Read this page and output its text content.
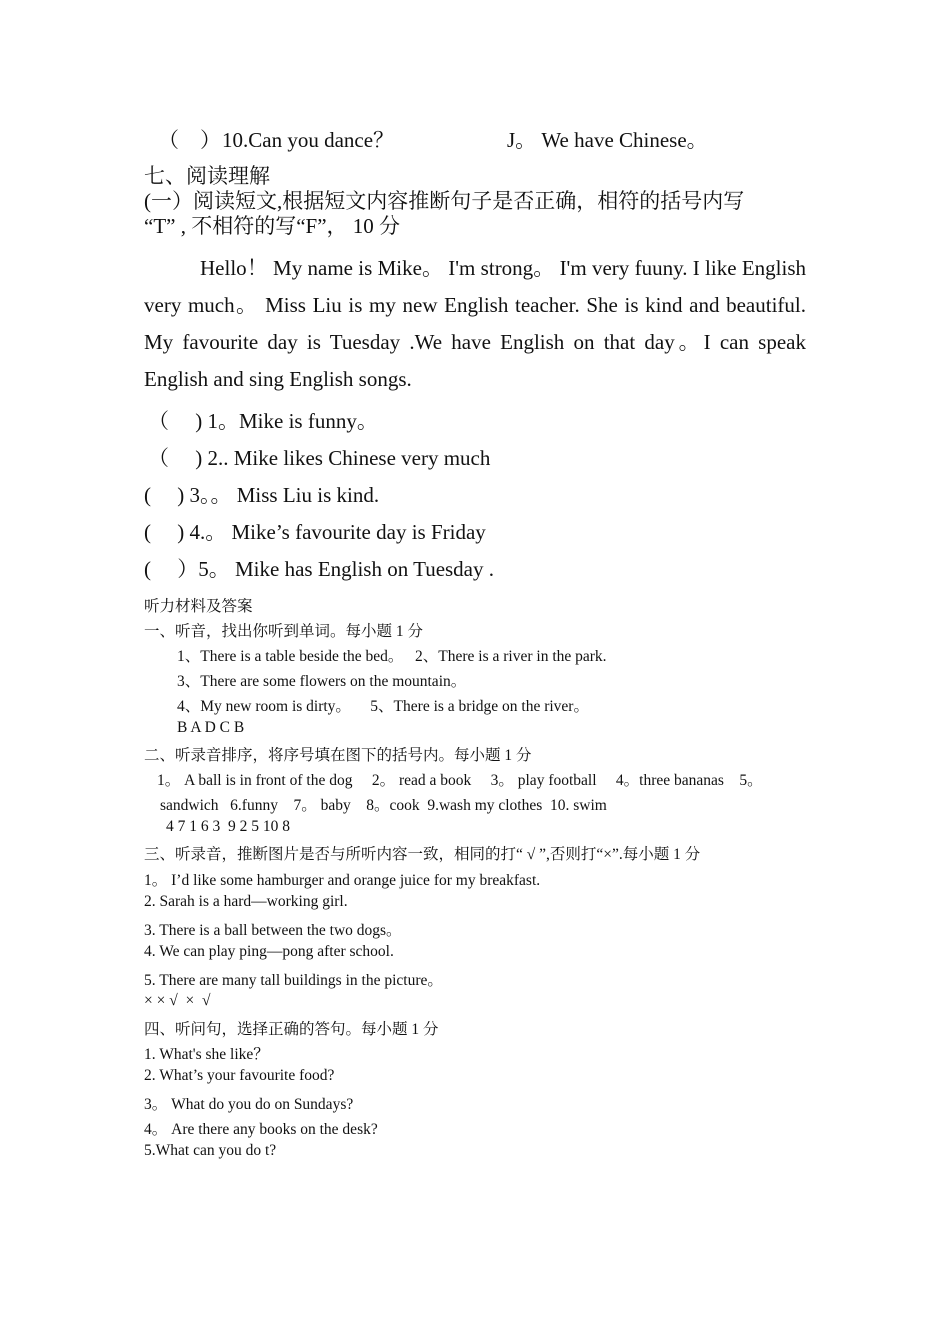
（　） 10.Can you dance？	J。 We have Chinese。
七、阅读理解
(一）阅读短文,根据短文内容推断句子是否正确，相符的括号内写
“T” , 不相符的写“F”， 10 分
Hello！ My name is Mike。 I'm strong。 I'm very fuuny. I like English very much。 Miss Liu is my new English teacher. She is kind and beautiful. My favourite day is Tuesday .We have English on that day。I can speak English and sing English songs.
（　 ) 1。Mike is funny。
（　 ) 2.. Mike likes Chinese very much
(　 ) 3。。 Miss Liu is kind.
(　 ) 4.。 Mike’s favourite day is Friday
(　 ）5。 Mike has English on Tuesday .
听力材料及答案
一、听音，找出你听到单词。每小题 1 分
1、There is a table beside the bed。   2、There is a river in the park.
3、There are some flowers on the mountain。
4、My new room is dirty。     5、There is a bridge on the river。
B A D C B
二、听录音排序，将序号填在图下的括号内。每小题 1 分
1。 A ball is in front of the dog     2。 read a book     3。 play football     4。three bananas    5。
sandwich   6.funny    7。 baby    8。cook  9.wash my clothes  10. swim
4 7 1 6 3  9 2 5 10 8
三、听录音，推断图片是否与所听内容一致，相同的打“ √ ”,否则打“×”.每小题 1 分
1。 I’d like some hamburger and orange juice for my breakfast.
2. Sarah is a hard—working girl.
3. There is a ball between the two dogs。
4. We can play ping—pong after school.
5. There are many tall buildings in the picture。
× × √  ×  √
四、听问句，选择正确的答句。每小题 1 分
1. What's she like？
2. What’s your favourite food?
3。 What do you do on Sundays?
4。 Are there any books on the desk?
5.What can you do t?
